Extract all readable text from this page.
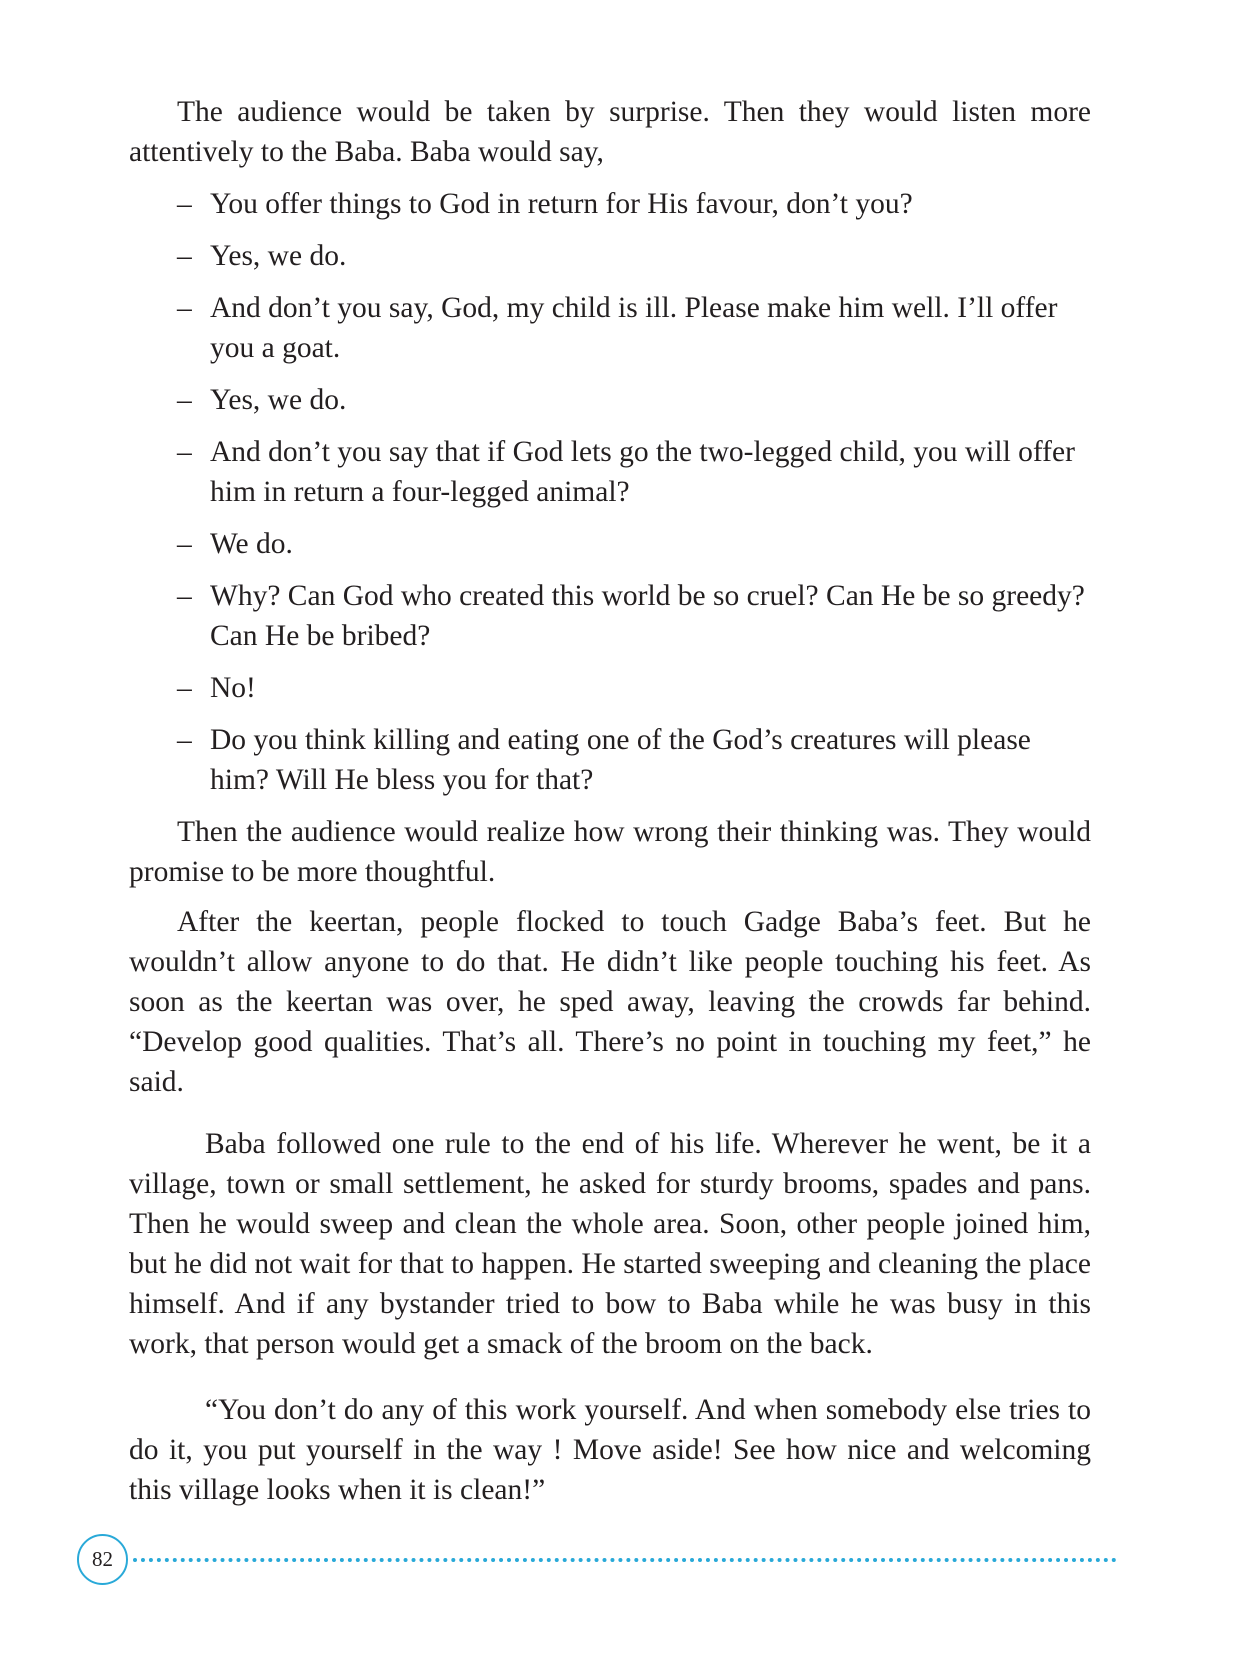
The audience would be taken by surprise. Then they would listen more attentively to the Baba. Baba would say,

– You offer things to God in return for His favour, don’t you?
– Yes, we do.
– And don’t you say, God, my child is ill. Please make him well. I’ll offer you a goat.
– Yes, we do.
– And don’t you say that if God lets go the two-legged child, you will offer him in return a four-legged animal?
– We do.
– Why? Can God who created this world be so cruel? Can He be so greedy? Can He be bribed?
– No!
– Do you think killing and eating one of the God’s creatures will please him? Will He bless you for that?

Then the audience would realize how wrong their thinking was. They would promise to be more thoughtful.

After the keertan, people flocked to touch Gadge Baba’s feet. But he wouldn’t allow anyone to do that. He didn’t like people touching his feet. As soon as the keertan was over, he sped away, leaving the crowds far behind. “Develop good qualities. That’s all. There’s no point in touching my feet,” he said.

Baba followed one rule to the end of his life. Wherever he went, be it a village, town or small settlement, he asked for sturdy brooms, spades and pans. Then he would sweep and clean the whole area. Soon, other people joined him, but he did not wait for that to happen. He started sweeping and cleaning the place himself. And if any bystander tried to bow to Baba while he was busy in this work, that person would get a smack of the broom on the back.

“You don’t do any of this work yourself. And when somebody else tries to do it, you put yourself in the way ! Move aside! See how nice and welcoming this village looks when it is clean!”

82
